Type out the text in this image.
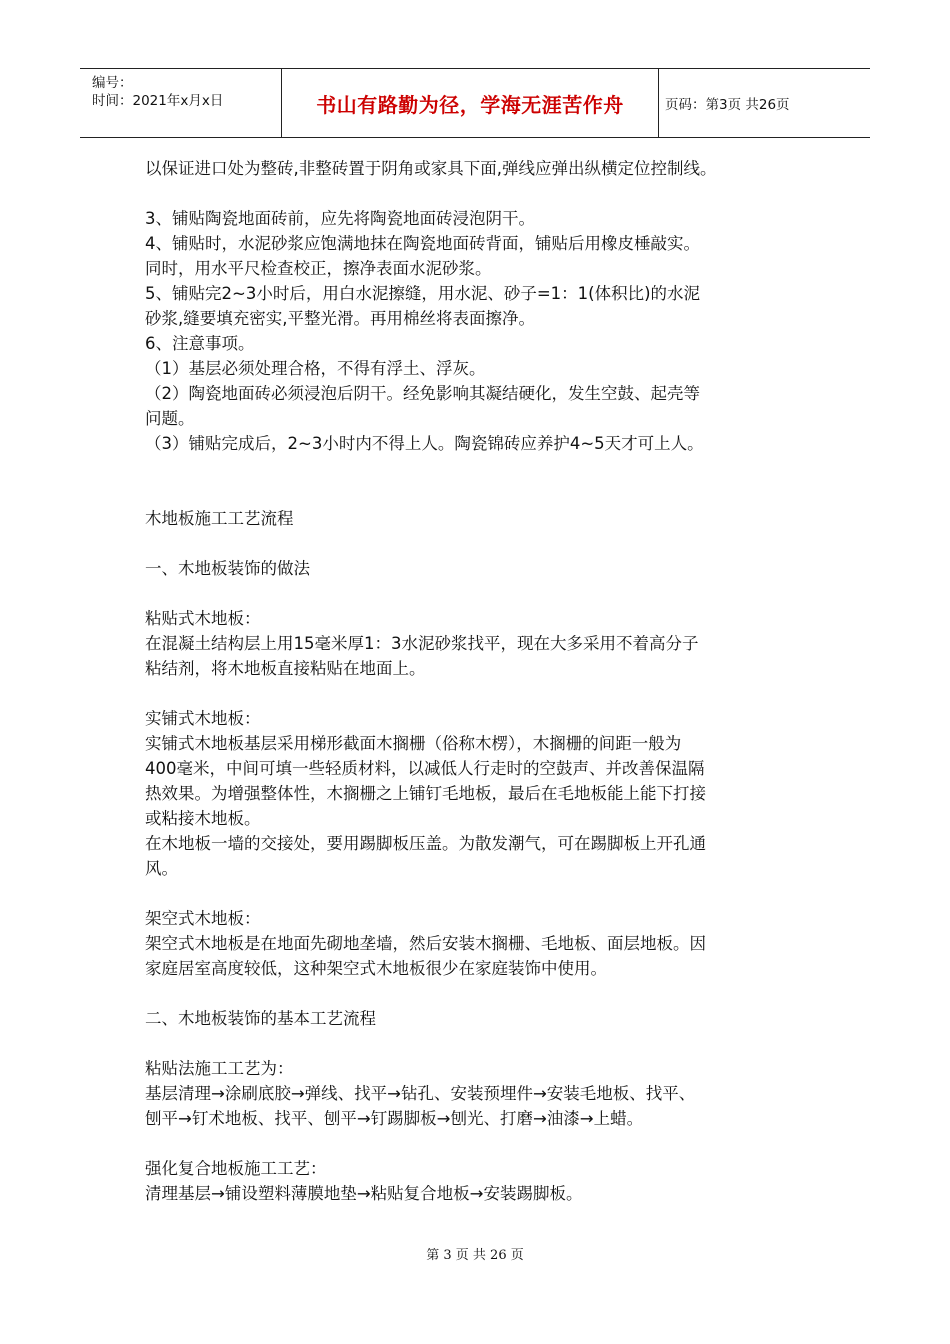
编号：
时间：2021年x月x日	书山有路勤为径，学海无涯苦作舟	页码：第3页 共26页

以保证进口处为整砖,非整砖置于阴角或家具下面,弹线应弹出纵横定位控制线。

3、铺贴陶瓷地面砖前，应先将陶瓷地面砖浸泡阴干。

4、铺贴时，水泥砂浆应饱满地抹在陶瓷地面砖背面，铺贴后用橡皮棰敲实。

同时，用水平尺检查校正，擦净表面水泥砂浆。

5、铺贴完2~3小时后，用白水泥擦缝，用水泥、砂子=1：1(体积比)的水泥

砂浆,缝要填充密实,平整光滑。再用棉丝将表面擦净。

6、注意事项。

（1）基层必须处理合格，不得有浮土、浮灰。

（2）陶瓷地面砖必须浸泡后阴干。经免影响其凝结硬化，发生空鼓、起壳等

问题。

（3）铺贴完成后，2~3小时内不得上人。陶瓷锦砖应养护4~5天才可上人。

木地板施工工艺流程

一、木地板装饰的做法

粘贴式木地板：

在混凝土结构层上用15毫米厚1：3水泥砂浆找平，现在大多采用不着高分子

粘结剂，将木地板直接粘贴在地面上。

实铺式木地板：

实铺式木地板基层采用梯形截面木搁栅（俗称木楞），木搁栅的间距一般为

400毫米，中间可填一些轻质材料，以减低人行走时的空鼓声、并改善保温隔

热效果。为增强整体性，木搁栅之上铺钉毛地板，最后在毛地板能上能下打接

或粘接木地板。

在木地板一墙的交接处，要用踢脚板压盖。为散发潮气，可在踢脚板上开孔通

风。

架空式木地板：

架空式木地板是在地面先砌地垄墙，然后安装木搁栅、毛地板、面层地板。因

家庭居室高度较低，这种架空式木地板很少在家庭装饰中使用。

二、木地板装饰的基本工艺流程

粘贴法施工工艺为：

基层清理→涂刷底胶→弹线、找平→钻孔、安装预埋件→安装毛地板、找平、

刨平→钉术地板、找平、刨平→钉踢脚板→刨光、打磨→油漆→上蜡。

强化复合地板施工工艺：

清理基层→铺设塑料薄膜地垫→粘贴复合地板→安装踢脚板。

第 3 页 共 26 页
